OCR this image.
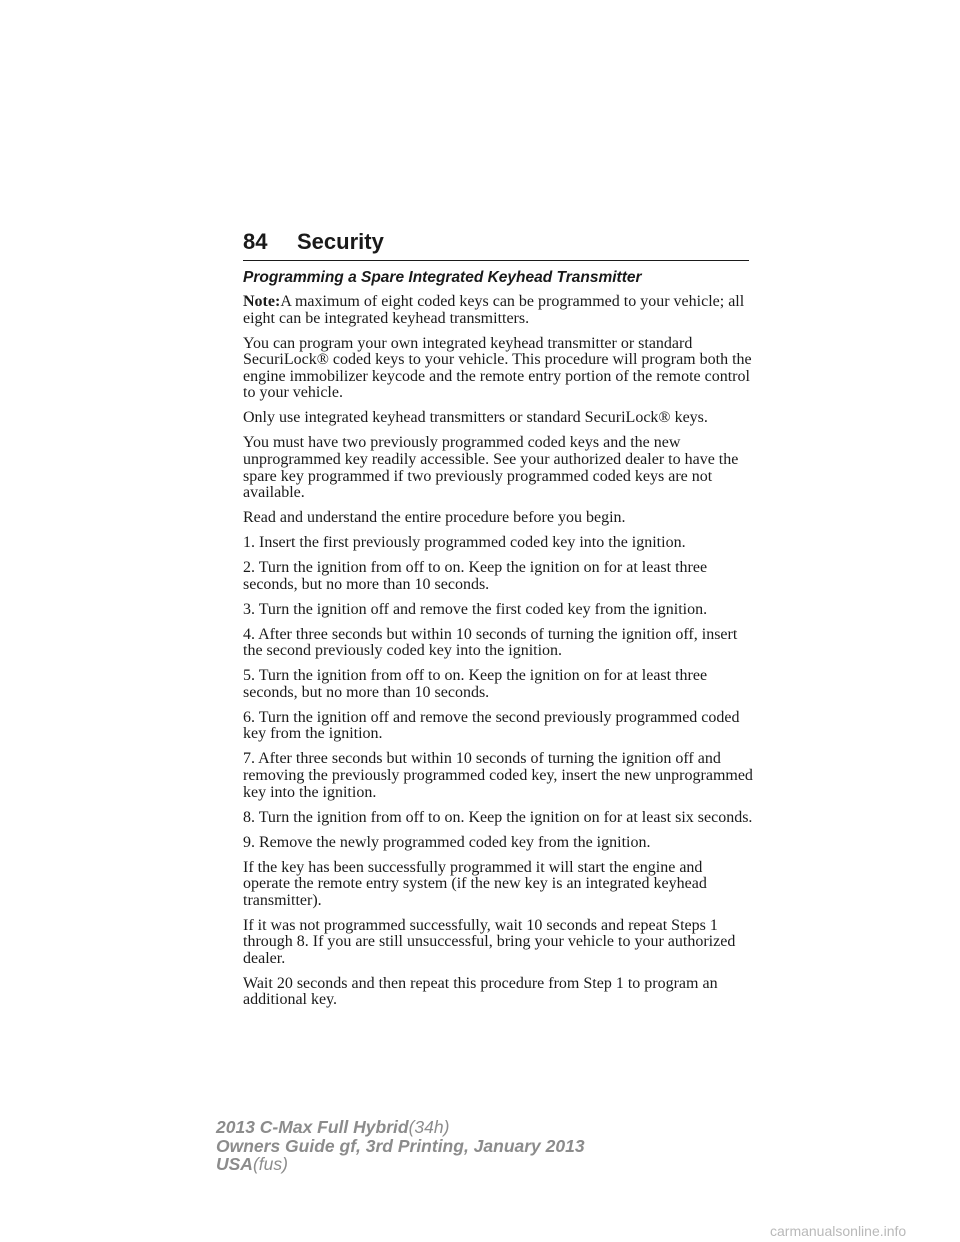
84 Security
Programming a Spare Integrated Keyhead Transmitter

Note:A maximum of eight coded keys can be programmed to your vehicle; all eight can be integrated keyhead transmitters.

You can program your own integrated keyhead transmitter or standard SecuriLock® coded keys to your vehicle. This procedure will program both the engine immobilizer keycode and the remote entry portion of the remote control to your vehicle.

Only use integrated keyhead transmitters or standard SecuriLock® keys.

You must have two previously programmed coded keys and the new unprogrammed key readily accessible. See your authorized dealer to have the spare key programmed if two previously programmed coded keys are not available.

Read and understand the entire procedure before you begin.

1. Insert the first previously programmed coded key into the ignition.

2. Turn the ignition from off to on. Keep the ignition on for at least three seconds, but no more than 10 seconds.

3. Turn the ignition off and remove the first coded key from the ignition.

4. After three seconds but within 10 seconds of turning the ignition off, insert the second previously coded key into the ignition.

5. Turn the ignition from off to on. Keep the ignition on for at least three seconds, but no more than 10 seconds.

6. Turn the ignition off and remove the second previously programmed coded key from the ignition.

7. After three seconds but within 10 seconds of turning the ignition off and removing the previously programmed coded key, insert the new unprogrammed key into the ignition.

8. Turn the ignition from off to on. Keep the ignition on for at least six seconds.

9. Remove the newly programmed coded key from the ignition.

If the key has been successfully programmed it will start the engine and operate the remote entry system (if the new key is an integrated keyhead transmitter).

If it was not programmed successfully, wait 10 seconds and repeat Steps 1 through 8. If you are still unsuccessful, bring your vehicle to your authorized dealer.

Wait 20 seconds and then repeat this procedure from Step 1 to program an additional key.

2013 C-Max Full Hybrid(34h)
Owners Guide gf, 3rd Printing, January 2013
USA(fus)
carmanualsonline.info
